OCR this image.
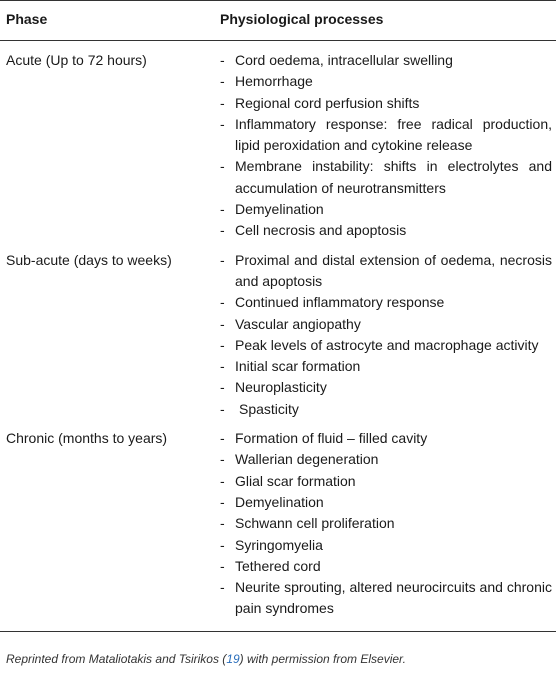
Phase	Physiological processes
Acute (Up to 72 hours)	- Cord oedema, intracellular swelling
- Hemorrhage
- Regional cord perfusion shifts
- Inflammatory response: free radical production, lipid peroxidation and cytokine release
- Membrane instability: shifts in electrolytes and accumulation of neurotransmitters
- Demyelination
- Cell necrosis and apoptosis
Sub-acute (days to weeks)	- Proximal and distal extension of oedema, necrosis and apoptosis
- Continued inflammatory response
- Vascular angiopathy
- Peak levels of astrocyte and macrophage activity
- Initial scar formation
- Neuroplasticity
- Spasticity
Chronic (months to years)	- Formation of fluid – filled cavity
- Wallerian degeneration
- Glial scar formation
- Demyelination
- Schwann cell proliferation
- Syringomyelia
- Tethered cord
- Neurite sprouting, altered neurocircuits and chronic pain syndromes
Reprinted from Mataliotakis and Tsirikos (19) with permission from Elsevier.
